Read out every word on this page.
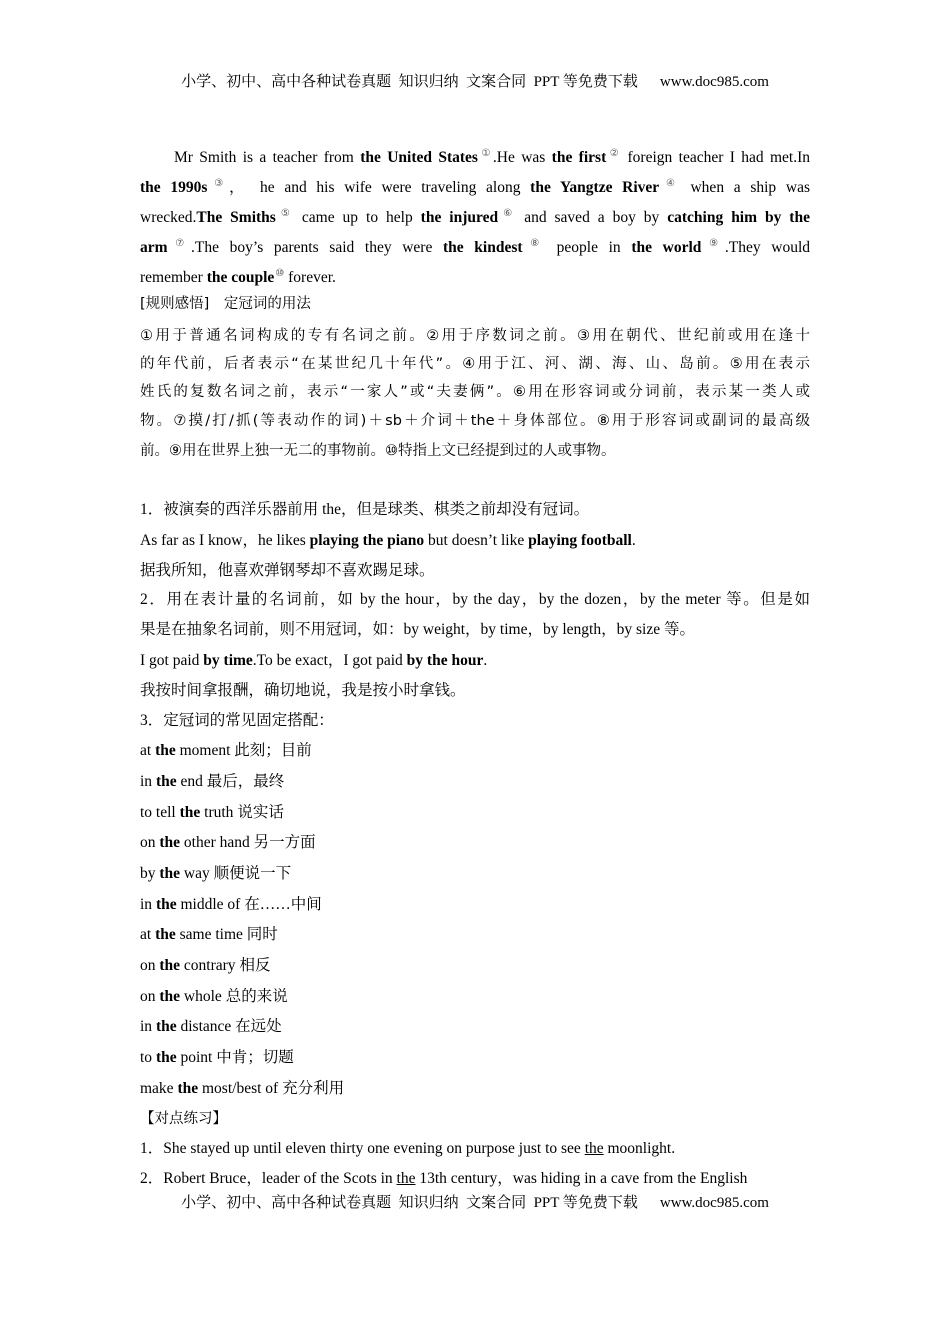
小学、初中、高中各种试卷真题  知识归纳  文案合同  PPT 等免费下载 www.doc985.com
Mr Smith is a teacher from the United States①.He was the first② foreign teacher I had met.In
the 1990s③， he and his wife were traveling along the Yangtze River④ when a ship was
wrecked.The Smiths⑤ came up to help the injured⑥ and saved a boy by catching him by the
arm⑦.The boy’s parents said they were the kindest⑧ people in the world⑨.They would
remember the couple⑩ forever.
[规则感悟]　定冠词的用法
①用于普通名词构成的专有名词之前。②用于序数词之前。③用在朝代、世纪前或用在逢十
的年代前，后者表示“在某世纪几十年代”。④用于江、河、湖、海、山、岛前。⑤用在表示
姓氏的复数名词之前，表示“一家人”或“夫妻俩”。⑥用在形容词或分词前，表示某一类人或
物。⑦摸/打/抓(等表动作的词)＋sb＋介词＋the＋身体部位。⑧用于形容词或副词的最高级
前。⑨用在世界上独一无二的事物前。⑩特指上文已经提到过的人或事物。
1．被演奏的西洋乐器前用 the，但是球类、棋类之前却没有冠词。
As far as I know，he likes playing the piano but doesn’t like playing football.
据我所知，他喜欢弹钢琴却不喜欢踢足球。
2．用在表计量的名词前，如 by the hour，by the day，by the dozen，by the meter 等。但是如
果是在抽象名词前，则不用冠词，如：by weight，by time，by length，by size 等。
I got paid by time.To be exact，I got paid by the hour.
我按时间拿报酬，确切地说，我是按小时拿钱。
3．定冠词的常见固定搭配：
at the moment 此刻；目前
in the end 最后，最终
to tell the truth 说实话
on the other hand 另一方面
by the way 顺便说一下
in the middle of 在……中间
at the same time 同时
on the contrary 相反
on the whole 总的来说
in the distance 在远处
to the point 中肯；切题
make the most/best of 充分利用
【对点练习】
1．She stayed up until eleven thirty one evening on purpose just to see the moonlight.
2．Robert Bruce，leader of the Scots in the 13th century，was hiding in a cave from the English
小学、初中、高中各种试卷真题  知识归纳  文案合同  PPT 等免费下载 www.doc985.com
